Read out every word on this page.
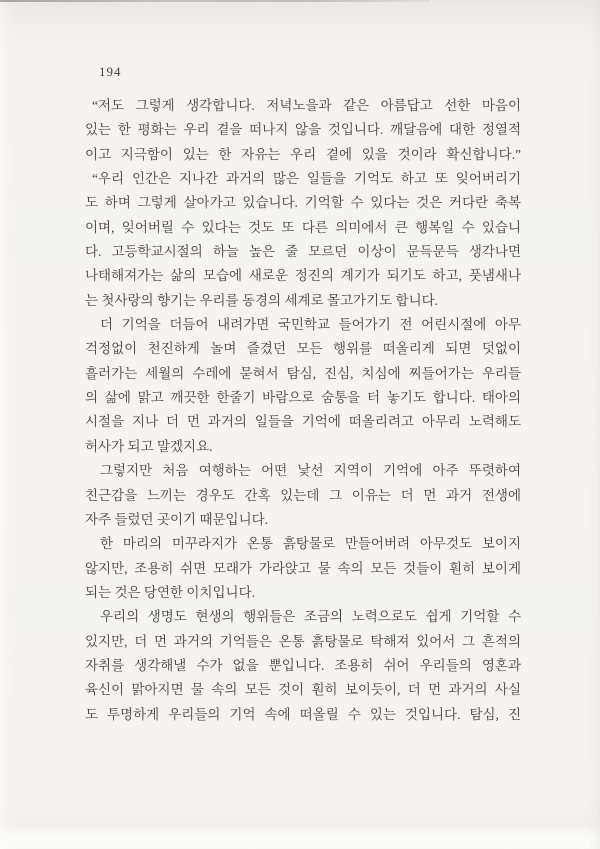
194
“저도 그렇게 생각합니다. 저녁노을과 같은 아름답고 선한 마음이
있는 한 평화는 우리 곁을 떠나지 않을 것입니다. 깨달음에 대한 정열적
이고 지극함이 있는 한 자유는 우리 곁에 있을 것이라 확신합니다.”
“우리 인간은 지나간 과거의 많은 일들을 기억도 하고 또 잊어버리기
도 하며 그렇게 살아가고 있습니다. 기억할 수 있다는 것은 커다란 축복
이며, 잊어버릴 수 있다는 것도 또 다른 의미에서 큰 행복일 수 있습니
다. 고등학교시절의 하늘 높은 줄 모르던 이상이 문득문득 생각나면
나태해져가는 삶의 모습에 새로운 정진의 계기가 되기도 하고, 풋냄새나
는 첫사랑의 향기는 우리를 동경의 세계로 몰고가기도 합니다.
더 기억을 더듬어 내려가면 국민학교 들어가기 전 어린시절에 아무
걱정없이 천진하게 놀며 즐겼던 모든 행위를 떠올리게 되면 덧없이
흘러가는 세월의 수레에 묻혀서 탐심, 진심, 치심에 찌들어가는 우리들
의 삶에 맑고 깨끗한 한줄기 바람으로 숨통을 터 놓기도 합니다. 태아의
시절을 지나 더 먼 과거의 일들을 기억에 떠올리려고 아무리 노력해도
허사가 되고 말겠지요.
그렇지만 처음 여행하는 어떤 낯선 지역이 기억에 아주 뚜렷하여
친근감을 느끼는 경우도 간혹 있는데 그 이유는 더 먼 과거 전생에
자주 들렀던 곳이기 때문입니다.
한 마리의 미꾸라지가 온통 흙탕물로 만들어버려 아무것도 보이지
않지만, 조용히 쉬면 모래가 가라앉고 물 속의 모든 것들이 훤히 보이게
되는 것은 당연한 이치입니다.
우리의 생명도 현생의 행위들은 조금의 노력으로도 쉽게 기억할 수
있지만, 더 먼 과거의 기억들은 온통 흙탕물로 탁해져 있어서 그 흔적의
자취를 생각해낼 수가 없을 뿐입니다. 조용히 쉬어 우리들의 영혼과
육신이 맑아지면 물 속의 모든 것이 훤히 보이듯이, 더 먼 과거의 사실
도 투명하게 우리들의 기억 속에 떠올릴 수 있는 것입니다. 탐심, 진
